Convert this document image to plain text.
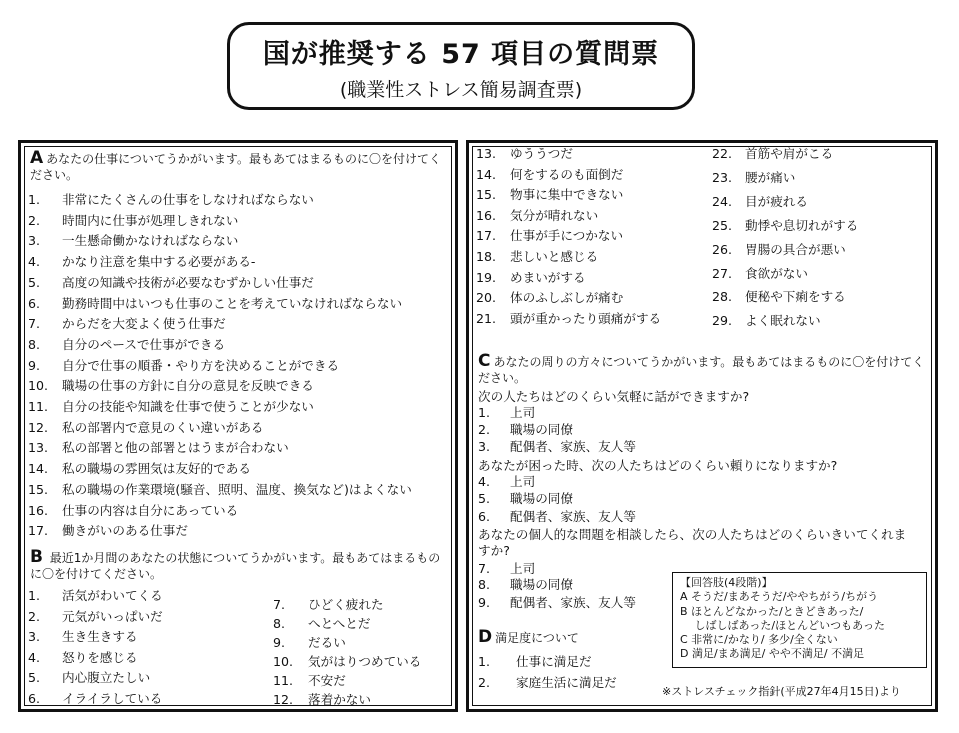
国が推奨する 57 項目の質問票
(職業性ストレス簡易調査票)
A あなたの仕事についてうかがいます。最もあてはまるものに〇を付けてください。
1. 非常にたくさんの仕事をしなければならない
2. 時間内に仕事が処理しきれない
3. 一生懸命働かなければならない
4. かなり注意を集中する必要がある-
5. 高度の知識や技術が必要なむずかしい仕事だ
6. 勤務時間中はいつも仕事のことを考えていなければならない
7. からだを大変よく使う仕事だ
8. 自分のペースで仕事ができる
9. 自分で仕事の順番・やり方を決めることができる
10. 職場の仕事の方針に自分の意見を反映できる
11. 自分の技能や知識を仕事で使うことが少ない
12. 私の部署内で意見のくい違いがある
13. 私の部署と他の部署とはうまが合わない
14. 私の職場の雰囲気は友好的である
15. 私の職場の作業環境(騒音、照明、温度、換気など)はよくない
16. 仕事の内容は自分にあっている
17. 働きがいのある仕事だ
B 最近1か月間のあなたの状態についてうかがいます。最もあてはまるものに〇を付けてください。
1. 活気がわいてくる
2. 元気がいっぱいだ
3. 生き生きする
4. 怒りを感じる
5. 内心腹立たしい
6. イライラしている
7. ひどく疲れた
8. へとへとだ
9. だるい
10. 気がはりつめている
11. 不安だ
12. 落着かない
13. ゆううつだ
14. 何をするのも面倒だ
15. 物事に集中できない
16. 気分が晴れない
17. 仕事が手につかない
18. 悲しいと感じる
19. めまいがする
20. 体のふしぶしが痛む
21. 頭が重かったり頭痛がする
22. 首筋や肩がこる
23. 腰が痛い
24. 目が疲れる
25. 動悸や息切れがする
26. 胃腸の具合が悪い
27. 食欲がない
28. 便秘や下痢をする
29. よく眠れない
C あなたの周りの方々についてうかがいます。最もあてはまるものに〇を付けてください。
次の人たちはどのくらい気軽に話ができますか?
あなたが困った時、次の人たちはどのくらい頼りになりますか?
あなたの個人的な問題を相談したら、次の人たちはどのくらいきいてくれま
すか?
1. 上司
2. 職場の同僚
3. 配偶者、家族、友人等
4. 上司
5. 職場の同僚
6. 配偶者、家族、友人等
7. 上司
8. 職場の同僚
9. 配偶者、家族、友人等
D 満足度について
1. 仕事に満足だ
2. 家庭生活に満足だ
【回答肢(4段階)】
A そうだ/まあそうだ/ややちがう/ちがう
B ほとんどなかった/ときどきあった/
　 しばしばあった/ほとんどいつもあった
C 非常に/かなり/ 多少/全くない
D 満足/まあ満足/ やや不満足/ 不満足
※ストレスチェック指針(平成27年4月15日)より
